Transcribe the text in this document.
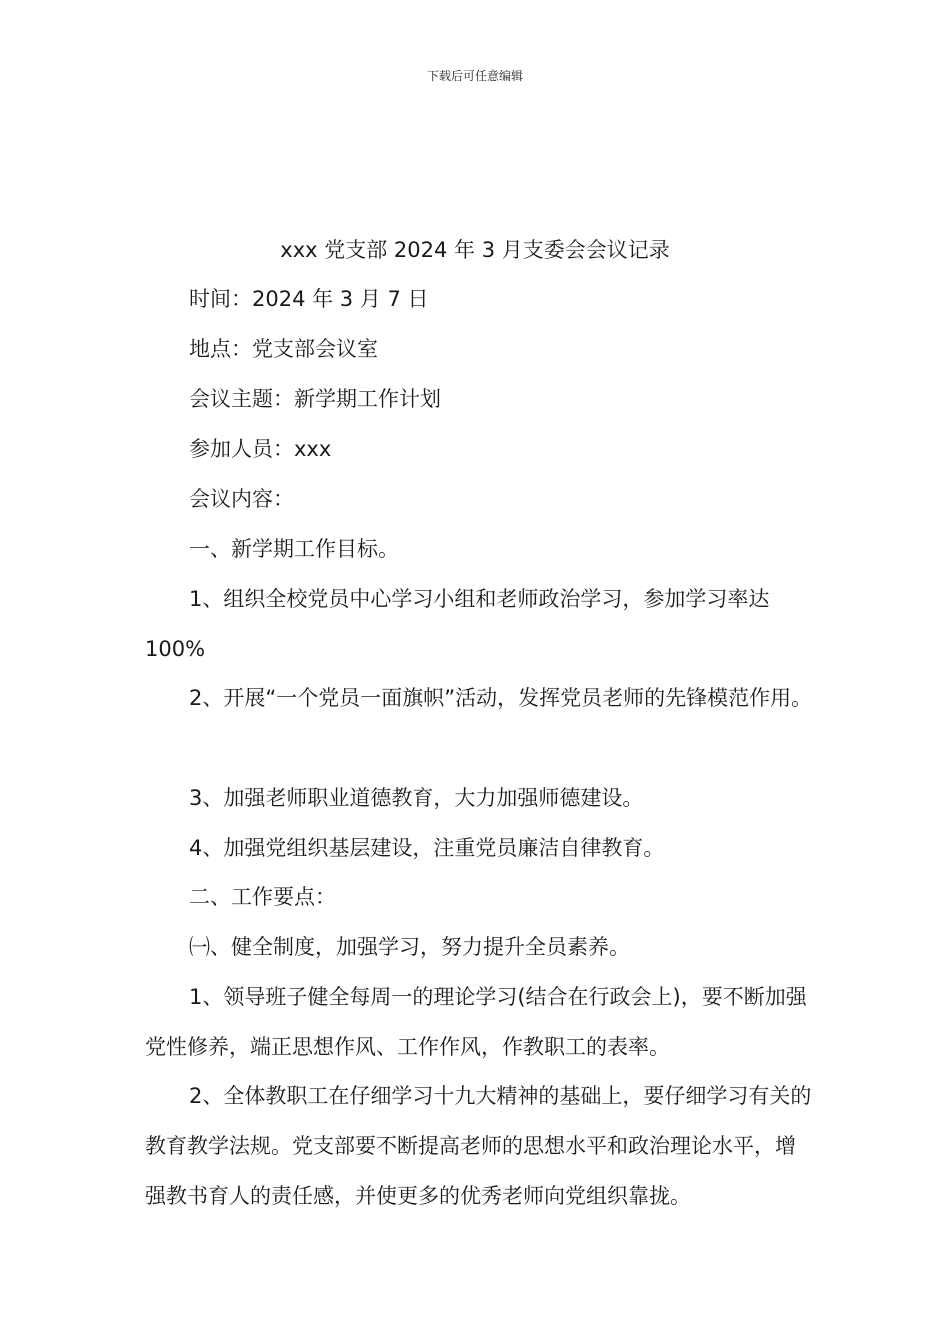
下载后可任意编辑
xxx 党支部 2024 年 3 月支委会会议记录

时间：2024 年 3 月 7 日

地点：党支部会议室

会议主题：新学期工作计划

参加人员：xxx

会议内容：

一、新学期工作目标。

1、组织全校党员中心学习小组和老师政治学习，参加学习率达 100%

2、开展“一个党员一面旗帜”活动，发挥党员老师的先锋模范作用。

3、加强老师职业道德教育，大力加强师德建设。

4、加强党组织基层建设，注重党员廉洁自律教育。

二、工作要点：

㈠、健全制度，加强学习，努力提升全员素养。

1、领导班子健全每周一的理论学习(结合在行政会上)，要不断加强党性修养，端正思想作风、工作作风，作教职工的表率。

2、全体教职工在仔细学习十九大精神的基础上，要仔细学习有关的教育教学法规。党支部要不断提高老师的思想水平和政治理论水平，增强教书育人的责任感，并使更多的优秀老师向党组织靠拢。
